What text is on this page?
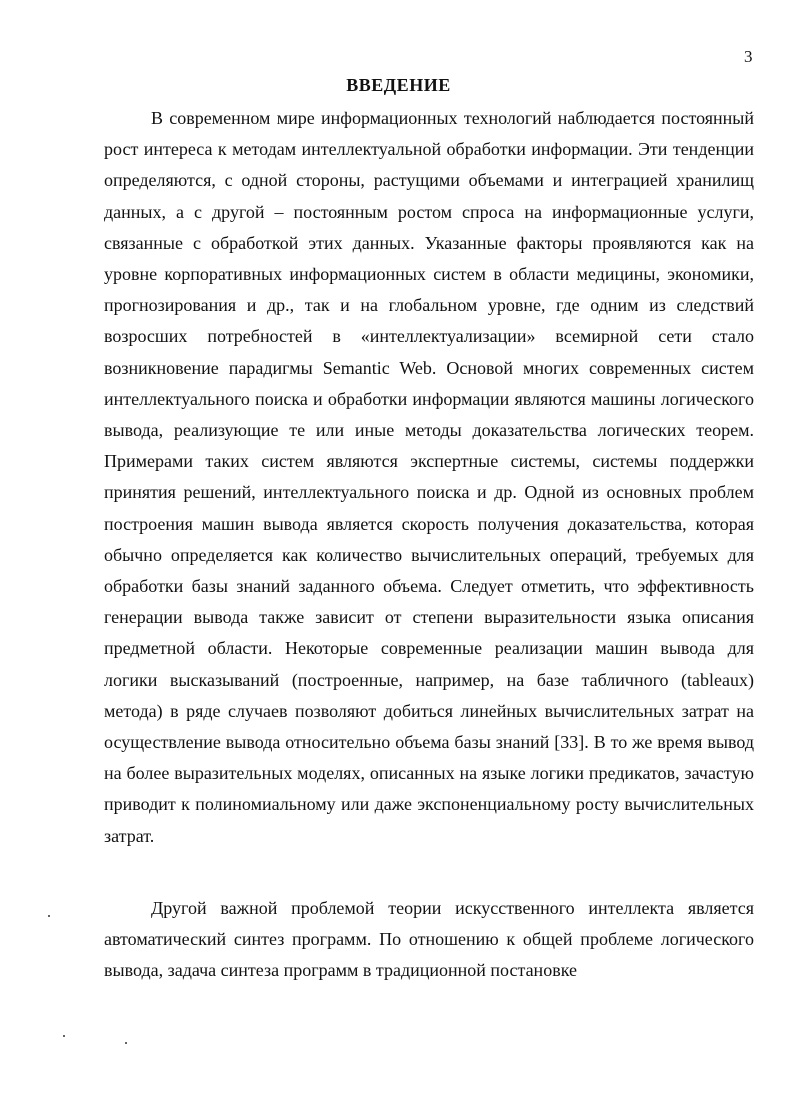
3
ВВЕДЕНИЕ

В современном мире информационных технологий наблюдается постоянный рост интереса к методам интеллектуальной обработки информации. Эти тенденции определяются, с одной стороны, растущими объемами и интеграцией хранилищ данных, а с другой – постоянным ростом спроса на информационные услуги, связанные с обработкой этих данных. Указанные факторы проявляются как на уровне корпоративных информационных систем в области медицины, экономики, прогнозирования и др., так и на глобальном уровне, где одним из следствий возросших потребностей в «интеллектуализации» всемирной сети стало возникновение парадигмы Semantic Web. Основой многих современных систем интеллектуального поиска и обработки информации являются машины логического вывода, реализующие те или иные методы доказательства логических теорем. Примерами таких систем являются экспертные системы, системы поддержки принятия решений, интеллектуального поиска и др. Одной из основных проблем построения машин вывода является скорость получения доказательства, которая обычно определяется как количество вычислительных операций, требуемых для обработки базы знаний заданного объема. Следует отметить, что эффективность генерации вывода также зависит от степени выразительности языка описания предметной области. Некоторые современные реализации машин вывода для логики высказываний (построенные, например, на базе табличного (tableaux) метода) в ряде случаев позволяют добиться линейных вычислительных затрат на осуществление вывода относительно объема базы знаний [33]. В то же время вывод на более выразительных моделях, описанных на языке логики предикатов, зачастую приводит к полиномиальному или даже экспоненциальному росту вычислительных затрат.

Другой важной проблемой теории искусственного интеллекта является автоматический синтез программ. По отношению к общей проблеме логического вывода, задача синтеза программ в традиционной постановке
